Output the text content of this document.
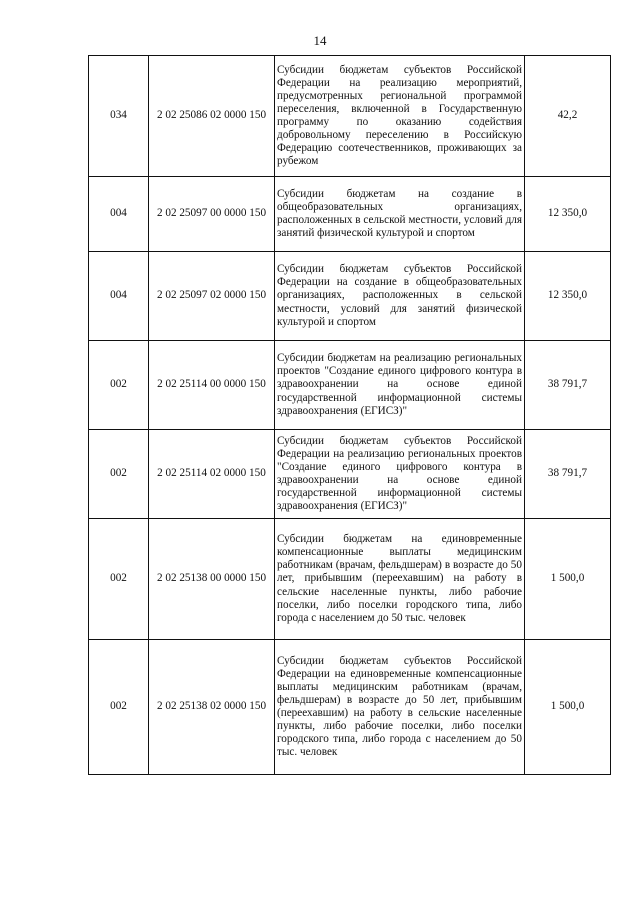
14
034	2 02 25086 02 0000 150	Субсидии бюджетам субъектов Российской Федерации на реализацию мероприятий, предусмотренных региональной программой переселения, включенной в Государственную программу по оказанию содействия добровольному переселению в Российскую Федерацию соотечественников, проживающих за рубежом	42,2
004	2 02 25097 00 0000 150	Субсидии бюджетам на создание в общеобразовательных организациях, расположенных в сельской местности, условий для занятий физической культурой и спортом	12 350,0
004	2 02 25097 02 0000 150	Субсидии бюджетам субъектов Российской Федерации на создание в общеобразовательных организациях, расположенных в сельской местности, условий для занятий физической культурой и спортом	12 350,0
002	2 02 25114 00 0000 150	Субсидии бюджетам на реализацию региональных проектов "Создание единого цифрового контура в здравоохранении на основе единой государственной информационной системы здравоохранения (ЕГИСЗ)"	38 791,7
002	2 02 25114 02 0000 150	Субсидии бюджетам субъектов Российской Федерации на реализацию региональных проектов "Создание единого цифрового контура в здравоохранении на основе единой государственной информационной системы здравоохранения (ЕГИСЗ)"	38 791,7
002	2 02 25138 00 0000 150	Субсидии бюджетам на единовременные компенсационные выплаты медицинским работникам (врачам, фельдшерам) в возрасте до 50 лет, прибывшим (переехавшим) на работу в сельские населенные пункты, либо рабочие поселки, либо поселки городского типа, либо города с населением до 50 тыс. человек	1 500,0
002	2 02 25138 02 0000 150	Субсидии бюджетам субъектов Российской Федерации на единовременные компенсационные выплаты медицинским работникам (врачам, фельдшерам) в возрасте до 50 лет, прибывшим (переехавшим) на работу в сельские населенные пункты, либо рабочие поселки, либо поселки городского типа, либо города с населением до 50 тыс. человек	1 500,0
